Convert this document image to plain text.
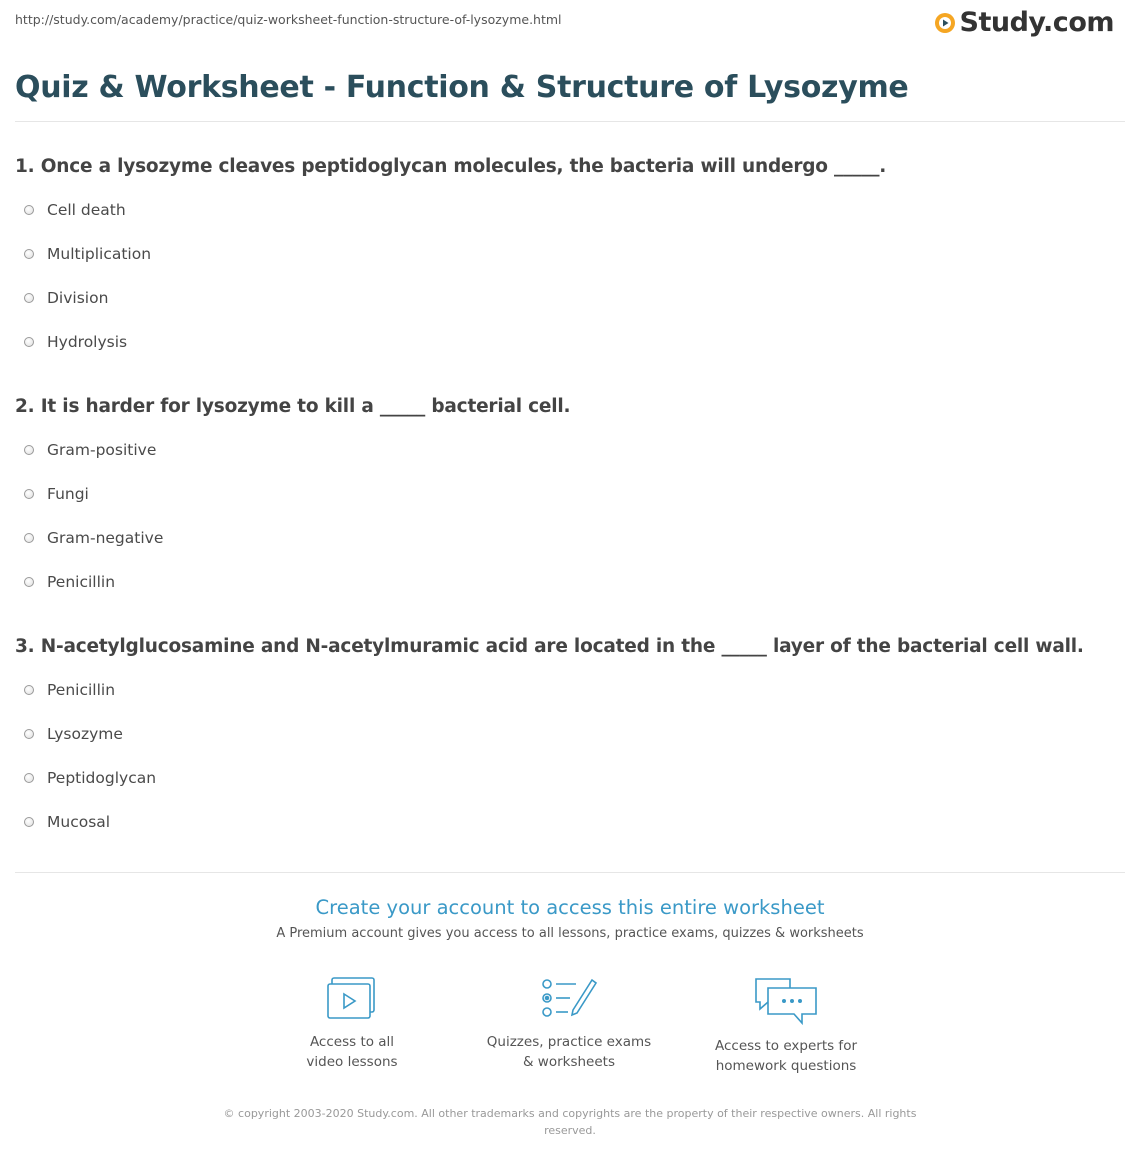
http://study.com/academy/practice/quiz-worksheet-function-structure-of-lysozyme.html	Study.com
Quiz & Worksheet - Function & Structure of Lysozyme
1. Once a lysozyme cleaves peptidoglycan molecules, the bacteria will undergo _____.
Cell death
Multiplication
Division
Hydrolysis
2. It is harder for lysozyme to kill a _____ bacterial cell.
Gram-positive
Fungi
Gram-negative
Penicillin
3. N-acetylglucosamine and N-acetylmuramic acid are located in the _____ layer of the bacterial cell wall.
Penicillin
Lysozyme
Peptidoglycan
Mucosal
Create your account to access this entire worksheet
A Premium account gives you access to all lessons, practice exams, quizzes & worksheets
Access to all
video lessons
Quizzes, practice exams
& worksheets
Access to experts for
homework questions
© copyright 2003-2020 Study.com. All other trademarks and copyrights are the property of their respective owners. All rights
reserved.
